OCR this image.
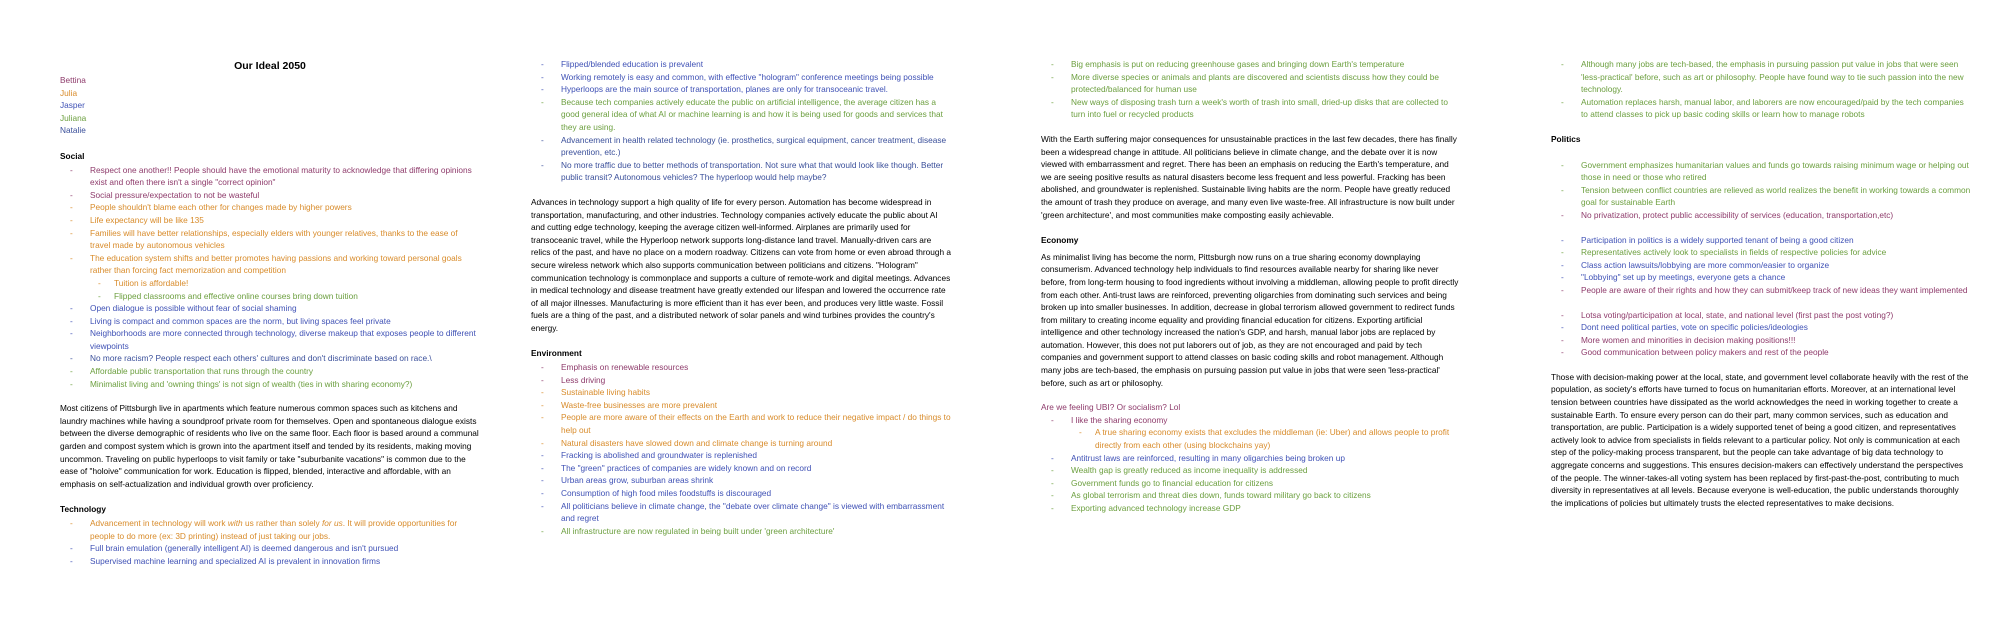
Our Ideal 2050
Bettina
Julia
Jasper
Juliana
Natalie
Social
- Respect one another!! People should have the emotional maturity to acknowledge that differing opinions exist and often there isn't a single "correct opinion"
- Social pressure/expectation to not be wasteful
- People shouldn't blame each other for changes made by higher powers
- Life expectancy will be like 135
- Families will have better relationships, especially elders with younger relatives, thanks to the ease of travel made by autonomous vehicles
- The education system shifts and better promotes having passions and working toward personal goals rather than forcing fact memorization and competition
- Tuition is affordable!
- Flipped classrooms and effective online courses bring down tuition
- Open dialogue is possible without fear of social shaming
- Living is compact and common spaces are the norm, but living spaces feel private
- Neighborhoods are more connected through technology, diverse makeup that exposes people to different viewpoints
- No more racism? People respect each others' cultures and don't discriminate based on race.\
- Affordable public transportation that runs through the country
- Minimalist living and 'owning things' is not sign of wealth (ties in with sharing economy?)

Most citizens of Pittsburgh live in apartments which feature numerous common spaces such as kitchens and laundry machines while having a soundproof private room for themselves. Open and spontaneous dialogue exists between the diverse demographic of residents who live on the same floor. Each floor is based around a communal garden and compost system which is grown into the apartment itself and tended by its residents, making moving uncommon. Traveling on public hyperloops to visit family or take "suburbanite vacations" is common due to the ease of "holoive" communication for work. Education is flipped, blended, interactive and affordable, with an emphasis on self-actualization and individual growth over proficiency.

Technology
- Advancement in technology will work with us rather than solely for us. It will provide opportunities for people to do more (ex: 3D printing) instead of just taking our jobs.
- Full brain emulation (generally intelligent AI) is deemed dangerous and isn't pursued
- Supervised machine learning and specialized AI is prevalent in innovation firms
- Flipped/blended education is prevalent
- Working remotely is easy and common, with effective "hologram" conference meetings being possible
- Hyperloops are the main source of transportation, planes are only for transoceanic travel.
- Because tech companies actively educate the public on artificial intelligence, the average citizen has a good general idea of what AI or machine learning is and how it is being used for goods and services that they are using.
- Advancement in health related technology (ie. prosthetics, surgical equipment, cancer treatment, disease prevention, etc.)
- No more traffic due to better methods of transportation. Not sure what that would look like though. Better public transit? Autonomous vehicles? The hyperloop would help maybe?

Advances in technology support a high quality of life for every person. Automation has become widespread in transportation, manufacturing, and other industries. Technology companies actively educate the public about AI and cutting edge technology, keeping the average citizen well-informed. Airplanes are primarily used for transoceanic travel, while the Hyperloop network supports long-distance land travel. Manually-driven cars are relics of the past, and have no place on a modern roadway. Citizens can vote from home or even abroad through a secure wireless network which also supports communication between politicians and citizens. "Hologram" communication technology is commonplace and supports a culture of remote-work and digital meetings. Advances in medical technology and disease treatment have greatly extended our lifespan and lowered the occurrence rate of all major illnesses. Manufacturing is more efficient than it has ever been, and produces very little waste. Fossil fuels are a thing of the past, and a distributed network of solar panels and wind turbines provides the country's energy.

Environment
- Emphasis on renewable resources
- Less driving
- Sustainable living habits
- Waste-free businesses are more prevalent
- People are more aware of their effects on the Earth and work to reduce their negative impact / do things to help out
- Natural disasters have slowed down and climate change is turning around
- Fracking is abolished and groundwater is replenished
- The "green" practices of companies are widely known and on record
- Urban areas grow, suburban areas shrink
- Consumption of high food miles foodstuffs is discouraged
- All politicians believe in climate change, the "debate over climate change" is viewed with embarrassment and regret
- All infrastructure are now regulated in being built under 'green architecture'
- Big emphasis is put on reducing greenhouse gases and bringing down Earth's temperature
- More diverse species or animals and plants are discovered and scientists discuss how they could be protected/balanced for human use
- New ways of disposing trash turn a week's worth of trash into small, dried-up disks that are collected to turn into fuel or recycled products

With the Earth suffering major consequences for unsustainable practices in the last few decades, there has finally been a widespread change in attitude. All politicians believe in climate change, and the debate over it is now viewed with embarrassment and regret. There has been an emphasis on reducing the Earth's temperature, and we are seeing positive results as natural disasters become less frequent and less powerful. Fracking has been abolished, and groundwater is replenished. Sustainable living habits are the norm. People have greatly reduced the amount of trash they produce on average, and many even live waste-free. All infrastructure is now built under 'green architecture', and most communities make composting easily achievable.

Economy

As minimalist living has become the norm, Pittsburgh now runs on a true sharing economy downplaying consumerism. Advanced technology help individuals to find resources available nearby for sharing like never before, from long-term housing to food ingredients without involving a middleman, allowing people to profit directly from each other. Anti-trust laws are reinforced, preventing oligarchies from dominating such services and being broken up into smaller businesses. In addition, decrease in global terrorism allowed government to redirect funds from military to creating income equality and providing financial education for citizens. Exporting artificial intelligence and other technology increased the nation's GDP, and harsh, manual labor jobs are replaced by automation. However, this does not put laborers out of job, as they are not encouraged and paid by tech companies and government support to attend classes on basic coding skills and robot management. Although many jobs are tech-based, the emphasis on pursuing passion put value in jobs that were seen 'less-practical' before, such as art or philosophy.

Are we feeling UBI? Or socialism? Lol

- I like the sharing economy
- A true sharing economy exists that excludes the middleman (ie: Uber) and allows people to profit directly from each other (using blockchains yay)
- Antitrust laws are reinforced, resulting in many oligarchies being broken up
- Wealth gap is greatly reduced as income inequality is addressed
- Government funds go to financial education for citizens
- As global terrorism and threat dies down, funds toward military go back to citizens
- Exporting advanced technology increase GDP
- Although many jobs are tech-based, the emphasis in pursuing passion put value in jobs that were seen 'less-practical' before, such as art or philosophy. People have found way to tie such passion into the new technology.
- Automation replaces harsh, manual labor, and laborers are now encouraged/paid by the tech companies to attend classes to pick up basic coding skills or learn how to manage robots
Politics
- Government emphasizes humanitarian values and funds go towards raising minimum wage or helping out those in need or those who retired
- Tension between conflict countries are relieved as world realizes the benefit in working towards a common goal for sustainable Earth
- No privatization, protect public accessibility of services (education, transportation,etc)
- Participation in politics is a widely supported tenant of being a good citizen
- Representatives actively look to specialists in fields of respective policies for advice
- Class action lawsuits/lobbying are more common/easier to organize
- "Lobbying" set up by meetings, everyone gets a chance
- People are aware of their rights and how they can submit/keep track of new ideas they want implemented
- Lotsa voting/participation at local, state, and national level (first past the post voting?)
- Dont need political parties, vote on specific policies/ideologies
- More women and minorities in decision making positions!!!
- Good communication between policy makers and rest of the people

Those with decision-making power at the local, state, and government level collaborate heavily with the rest of the population, as society's efforts have turned to focus on humanitarian efforts. Moreover, at an international level tension between countries have dissipated as the world acknowledges the need in working together to create a sustainable Earth. To ensure every person can do their part, many common services, such as education and transportation, are public. Participation is a widely supported tenet of being a good citizen, and representatives actively look to advice from specialists in fields relevant to a particular policy. Not only is communication at each step of the policy-making process transparent, but the people can take advantage of big data technology to aggregate concerns and suggestions. This ensures decision-makers can effectively understand the perspectives of the people. The winner-takes-all voting system has been replaced by first-past-the-post, contributing to much diversity in representatives at all levels. Because everyone is well-education, the public understands thoroughly the implications of policies but ultimately trusts the elected representatives to make decisions.
